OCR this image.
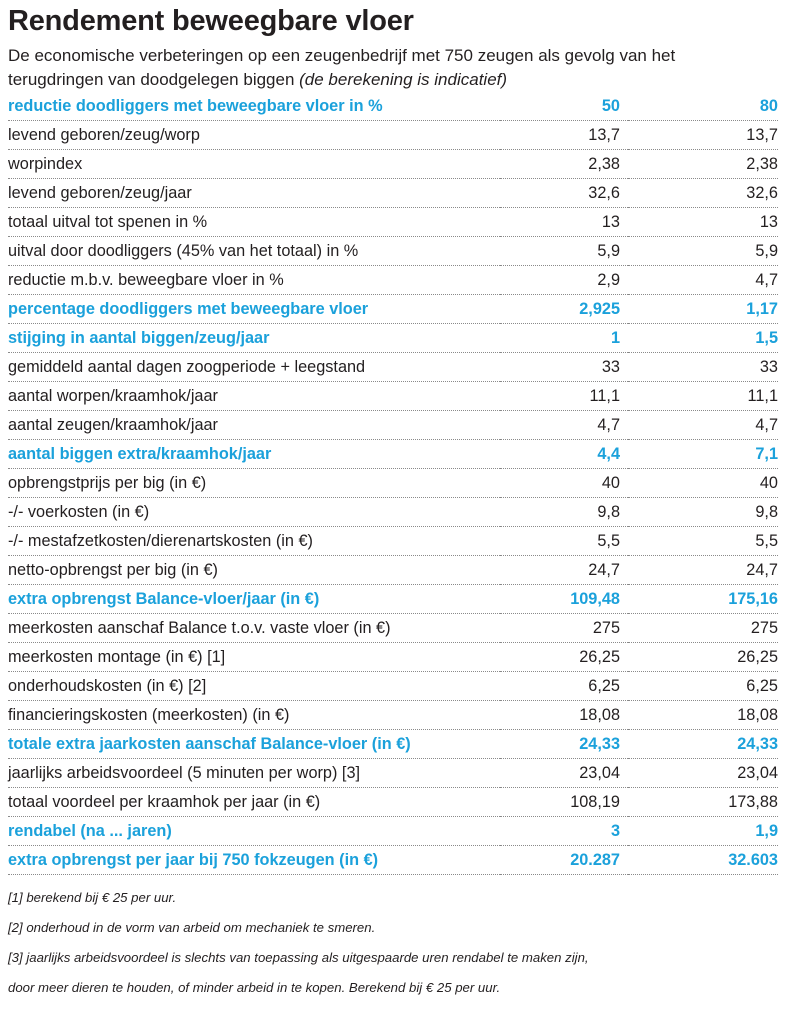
Rendement beweegbare vloer

De economische verbeteringen op een zeugenbedrijf met 750 zeugen als gevolg van het terugdringen van doodgelegen biggen (de berekening is indicatief)

reductie doodliggers met beweegbare vloer in %	50	80
levend geboren/zeug/worp	13,7	13,7
worpindex	2,38	2,38
levend geboren/zeug/jaar	32,6	32,6
totaal uitval tot spenen in %	13	13
uitval door doodliggers (45% van het totaal) in %	5,9	5,9
reductie m.b.v. beweegbare vloer in %	2,9	4,7
percentage doodliggers met beweegbare vloer	2,925	1,17
stijging in aantal biggen/zeug/jaar	1	1,5
gemiddeld aantal dagen zoogperiode + leegstand	33	33
aantal worpen/kraamhok/jaar	11,1	11,1
aantal zeugen/kraamhok/jaar	4,7	4,7
aantal biggen extra/kraamhok/jaar	4,4	7,1
opbrengstprijs per big (in €)	40	40
-/- voerkosten (in €)	9,8	9,8
-/- mestafzetkosten/dierenartskosten (in €)	5,5	5,5
netto-opbrengst per big (in €)	24,7	24,7
extra opbrengst Balance-vloer/jaar (in €)	109,48	175,16
meerkosten aanschaf Balance t.o.v. vaste vloer (in €)	275	275
meerkosten montage (in €) [1]	26,25	26,25
onderhoudskosten (in €) [2]	6,25	6,25
financieringskosten (meerkosten) (in €)	18,08	18,08
totale extra jaarkosten aanschaf Balance-vloer (in €)	24,33	24,33
jaarlijks arbeidsvoordeel (5 minuten per worp) [3]	23,04	23,04
totaal voordeel per kraamhok per jaar (in €)	108,19	173,88
rendabel (na ... jaren)	3	1,9
extra opbrengst per jaar bij 750 fokzeugen (in €)	20.287	32.603
[1] berekend bij € 25 per uur.
[2] onderhoud in de vorm van arbeid om mechaniek te smeren.
[3] jaarlijks arbeidsvoordeel is slechts van toepassing als uitgespaarde uren rendabel te maken zijn,
door meer dieren te houden, of minder arbeid in te kopen. Berekend bij € 25 per uur.
